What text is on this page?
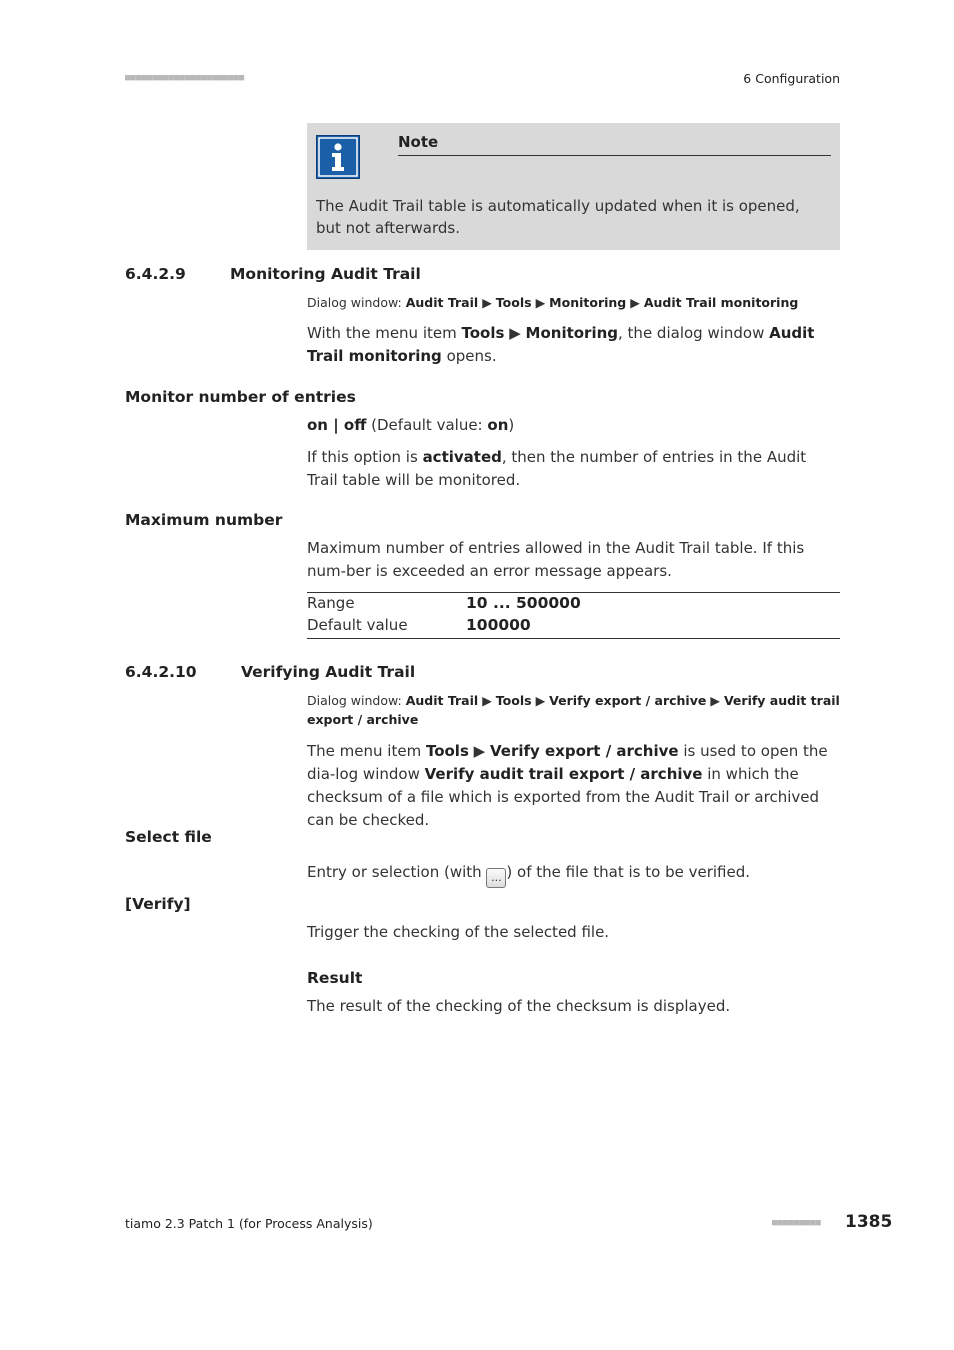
■■■■■■■■■■■■■■■■■■■■■■	6 Configuration
Note
The Audit Trail table is automatically updated when it is opened, but not afterwards.
6.4.2.9	Monitoring Audit Trail
Dialog window: Audit Trail ▶ Tools ▶ Monitoring ▶ Audit Trail monitoring
With the menu item Tools ▶ Monitoring, the dialog window Audit Trail monitoring opens.
Monitor number of entries
on | off (Default value: on)
If this option is activated, then the number of entries in the Audit Trail table will be monitored.
Maximum number
Maximum number of entries allowed in the Audit Trail table. If this num-ber is exceeded an error message appears.
Range	10 ... 500000
Default value	100000
6.4.2.10	Verifying Audit Trail
Dialog window: Audit Trail ▶ Tools ▶ Verify export / archive ▶ Verify audit trail export / archive
The menu item Tools ▶ Verify export / archive is used to open the dia-log window Verify audit trail export / archive in which the checksum of a file which is exported from the Audit Trail or archived can be checked.
Select file
Entry or selection (with ... ) of the file that is to be verified.
[Verify]
Trigger the checking of the selected file.
Result
The result of the checking of the checksum is displayed.
tiamo 2.3 Patch 1 (for Process Analysis)	■■■■■■■■■ 1385
